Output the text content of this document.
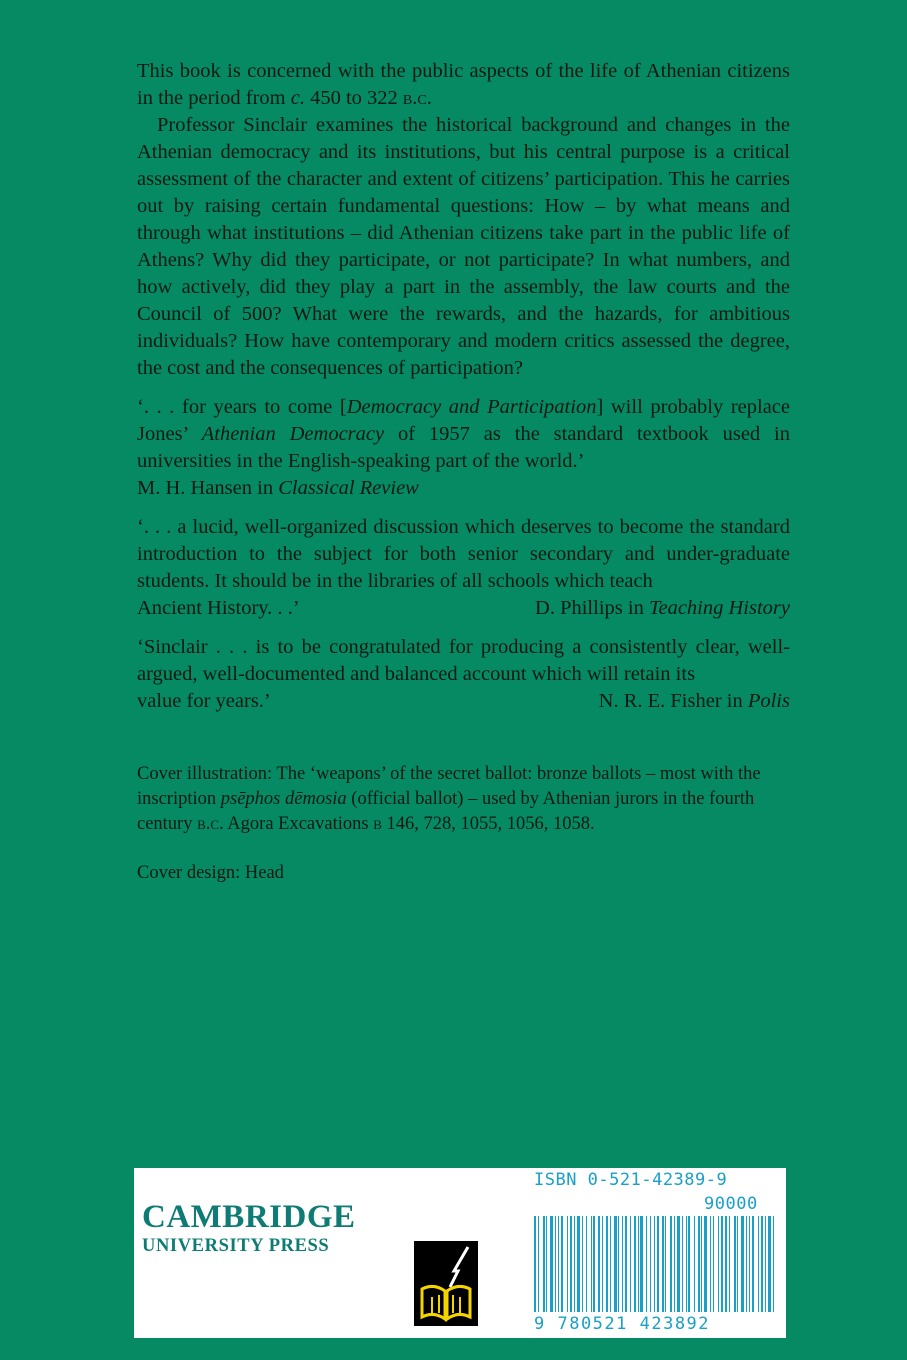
This book is concerned with the public aspects of the life of Athenian citizens in the period from c. 450 to 322 b.c.

Professor Sinclair examines the historical background and changes in the Athenian democracy and its institutions, but his central purpose is a critical assessment of the character and extent of citizens’ participation. This he carries out by raising certain fundamental questions: How – by what means and through what institutions – did Athenian citizens take part in the public life of Athens? Why did they participate, or not participate? In what numbers, and how actively, did they play a part in the assembly, the law courts and the Council of 500? What were the rewards, and the hazards, for ambitious individuals? How have contemporary and modern critics assessed the degree, the cost and the consequences of participation?

‘. . . for years to come [Democracy and Participation] will probably replace Jones’ Athenian Democracy of 1957 as the standard textbook used in universities in the English-speaking part of the world.’

M. H. Hansen in Classical Review

‘. . . a lucid, well-organized discussion which deserves to become the standard introduction to the subject for both senior secondary and under-graduate students. It should be in the libraries of all schools which teach

Ancient History. . .’	D. Phillips in Teaching History

‘Sinclair . . . is to be congratulated for producing a consistently clear, well-argued, well-documented and balanced account which will retain its

value for years.’	N. R. E. Fisher in Polis

Cover illustration: The ‘weapons’ of the secret ballot: bronze ballots – most with the inscription psēphos dēmosia (official ballot) – used by Athenian jurors in the fourth century b.c. Agora Excavations b 146, 728, 1055, 1056, 1058.

Cover design: Head
CAMBRIDGE
UNIVERSITY PRESS
ISBN 0-521-42389-9
90000
9 780521 423892
